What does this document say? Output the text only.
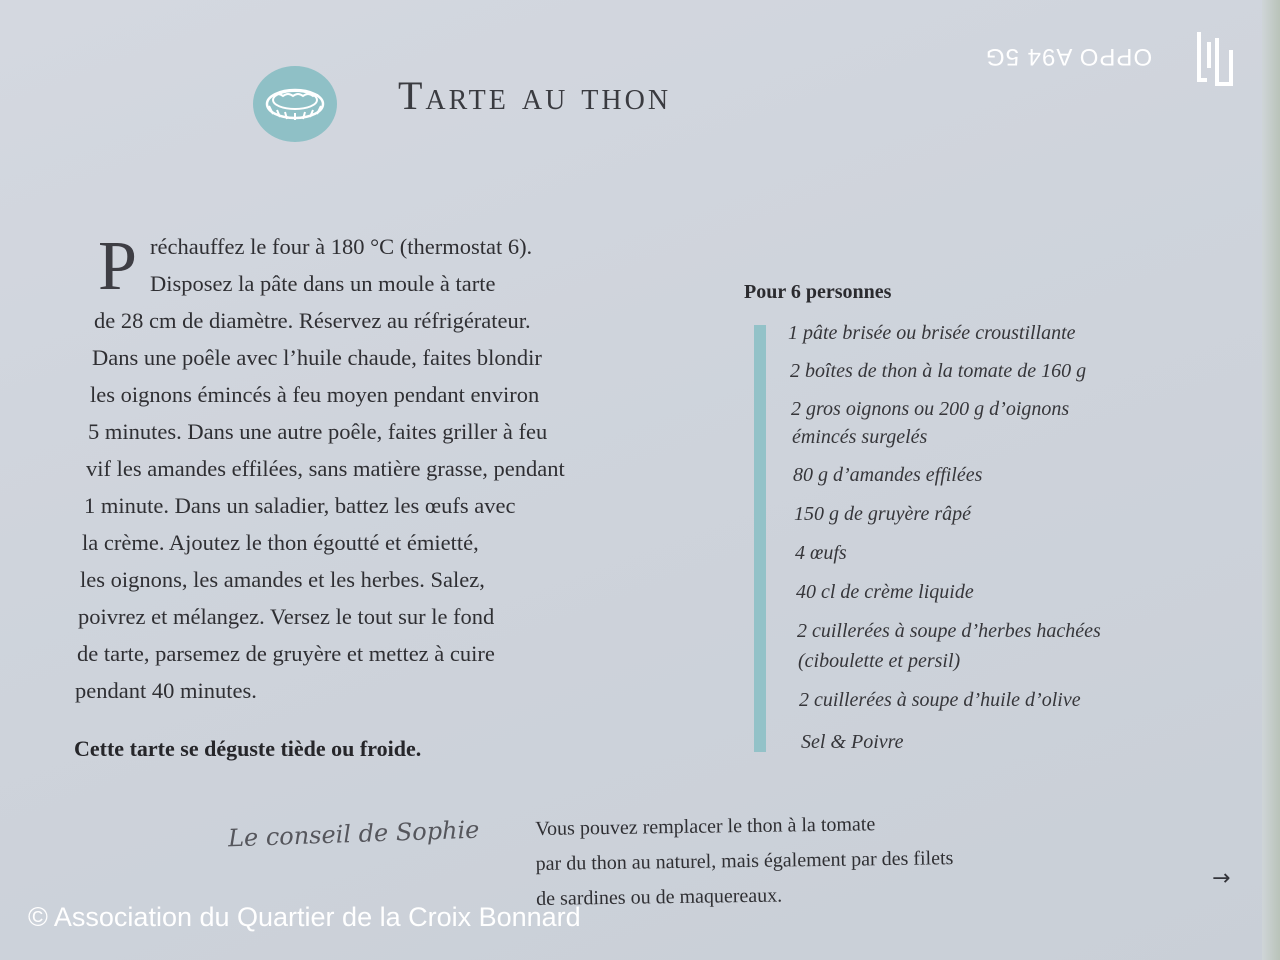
Tarte au thon
OPPO A94 5G
P réchauffez le four à 180 °C (thermostat 6).
Disposez la pâte dans un moule à tarte
de 28 cm de diamètre. Réservez au réfrigérateur.
Dans une poêle avec l’huile chaude, faites blondir
les oignons émincés à feu moyen pendant environ
5 minutes. Dans une autre poêle, faites griller à feu
vif les amandes effilées, sans matière grasse, pendant
1 minute. Dans un saladier, battez les œufs avec
la crème. Ajoutez le thon égoutté et émietté,
les oignons, les amandes et les herbes. Salez,
poivrez et mélangez. Versez le tout sur le fond
de tarte, parsemez de gruyère et mettez à cuire
pendant 40 minutes.
Cette tarte se déguste tiède ou froide.
Pour 6 personnes
1 pâte brisée ou brisée croustillante
2 boîtes de thon à la tomate de 160 g
2 gros oignons ou 200 g d’oignons
émincés surgelés
80 g d’amandes effilées
150 g de gruyère râpé
4 œufs
40 cl de crème liquide
2 cuillerées à soupe d’herbes hachées
(ciboulette et persil)
2 cuillerées à soupe d’huile d’olive
Sel & Poivre
Le conseil de Sophie	Vous pouvez remplacer le thon à la tomate
par du thon au naturel, mais également par des filets
de sardines ou de maquereaux.
→
© Association du Quartier de la Croix Bonnard
